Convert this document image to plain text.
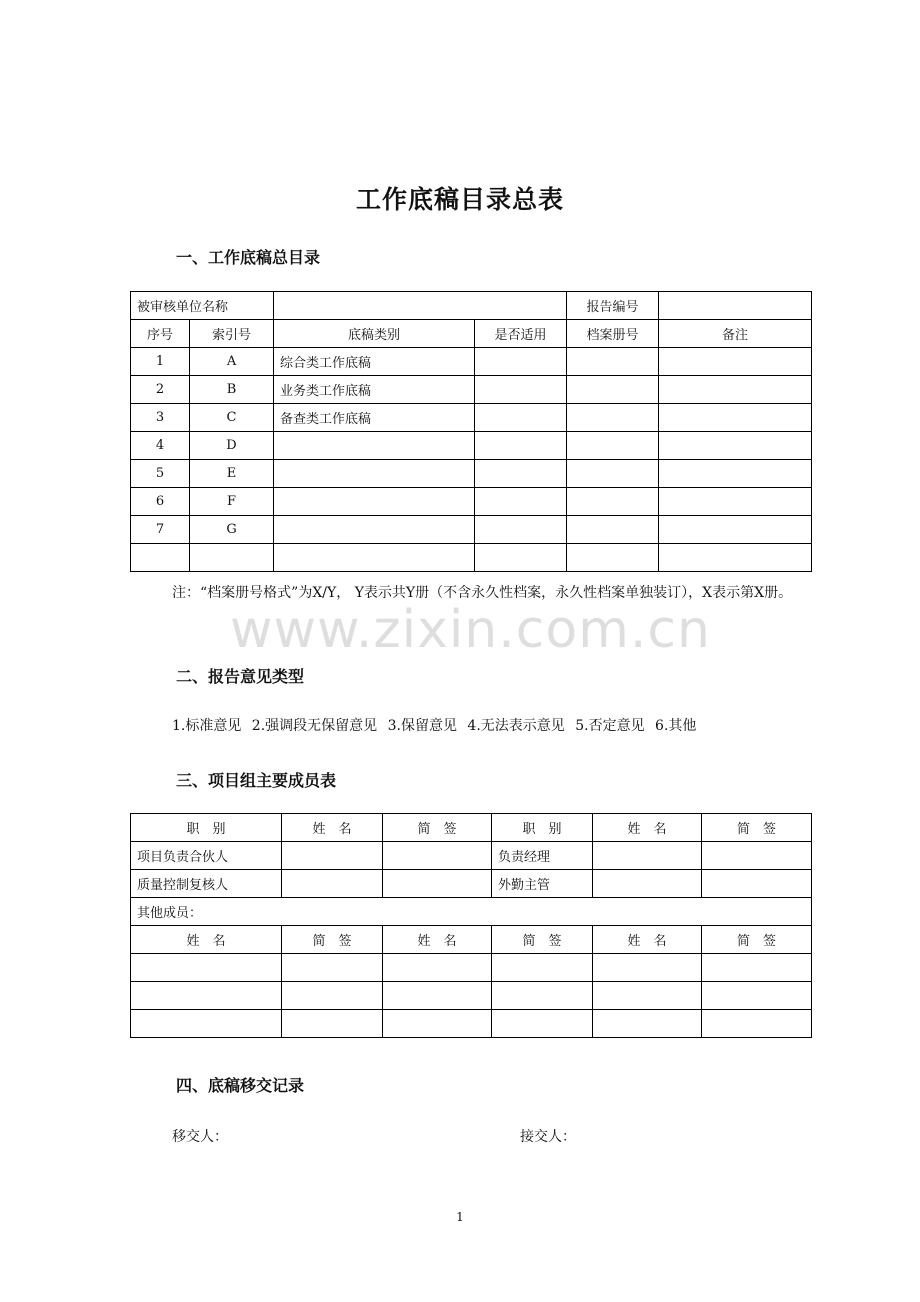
工作底稿目录总表
一、工作底稿总目录
被审核单位名称				报告编号	
序号	索引号	底稿类别	是否适用	档案册号	备注
1	A	综合类工作底稿			
2	B	业务类工作底稿			
3	C	备查类工作底稿			
4	D				
5	E				
6	F				
7	G				

注：“档案册号格式”为X/Y， Y表示共Y册（不含永久性档案，永久性档案单独装订），X表示第X册。
www.zixin.com.cn
二、报告意见类型
1.标准意见 2.强调段无保留意见 3.保留意见 4.无法表示意见 5.否定意见 6.其他
三、项目组主要成员表
职　别	姓　名	简　签	职　别	姓　名	简　签
项目负责合伙人			负责经理		
质量控制复核人			外勤主管		
其他成员：					
姓　名	简　签	姓　名	简　签	姓　名	简　签

四、底稿移交记录
移交人：	接交人：
1
